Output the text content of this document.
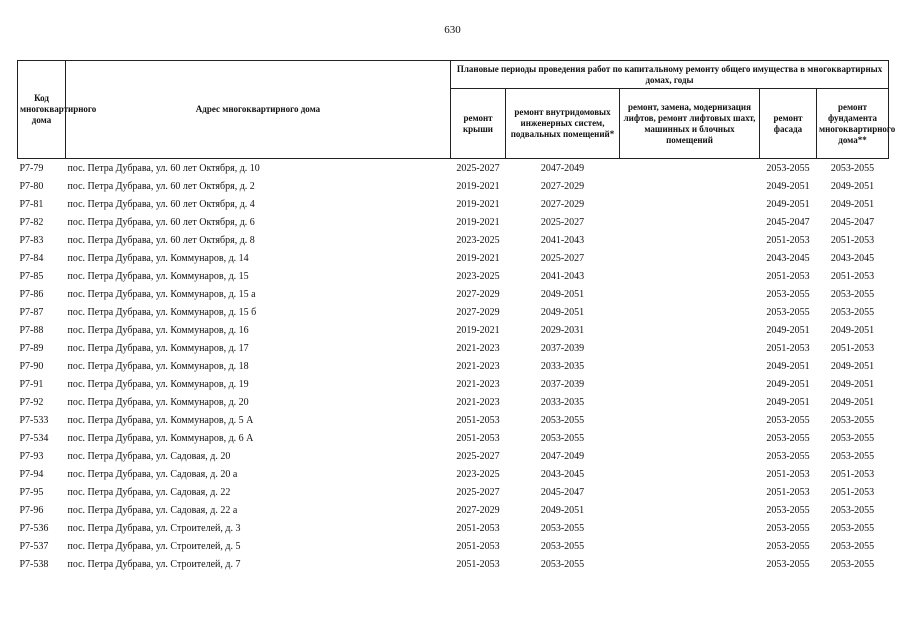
630
Код многоквартирного дома	Адрес многоквартирного дома	Плановые периоды проведения работ по капитальному ремонту общего имущества в многоквартирных домах, годы				
		ремонт крыши	ремонт внутридомовых инженерных систем, подвальных помещений*	ремонт, замена, модернизация лифтов, ремонт лифтовых шахт, машинных и блочных помещений	ремонт фасада	ремонт фундамента многоквартирного дома**
P7-79	пос. Петра Дубрава, ул. 60 лет Октября, д. 10	2025-2027	2047-2049		2053-2055	2053-2055
P7-80	пос. Петра Дубрава, ул. 60 лет Октября, д. 2	2019-2021	2027-2029		2049-2051	2049-2051
P7-81	пос. Петра Дубрава, ул. 60 лет Октября, д. 4	2019-2021	2027-2029		2049-2051	2049-2051
P7-82	пос. Петра Дубрава, ул. 60 лет Октября, д. 6	2019-2021	2025-2027		2045-2047	2045-2047
P7-83	пос. Петра Дубрава, ул. 60 лет Октября, д. 8	2023-2025	2041-2043		2051-2053	2051-2053
P7-84	пос. Петра Дубрава, ул. Коммунаров, д. 14	2019-2021	2025-2027		2043-2045	2043-2045
P7-85	пос. Петра Дубрава, ул. Коммунаров, д. 15	2023-2025	2041-2043		2051-2053	2051-2053
P7-86	пос. Петра Дубрава, ул. Коммунаров, д. 15 а	2027-2029	2049-2051		2053-2055	2053-2055
P7-87	пос. Петра Дубрава, ул. Коммунаров, д. 15 б	2027-2029	2049-2051		2053-2055	2053-2055
P7-88	пос. Петра Дубрава, ул. Коммунаров, д. 16	2019-2021	2029-2031		2049-2051	2049-2051
P7-89	пос. Петра Дубрава, ул. Коммунаров, д. 17	2021-2023	2037-2039		2051-2053	2051-2053
P7-90	пос. Петра Дубрава, ул. Коммунаров, д. 18	2021-2023	2033-2035		2049-2051	2049-2051
P7-91	пос. Петра Дубрава, ул. Коммунаров, д. 19	2021-2023	2037-2039		2049-2051	2049-2051
P7-92	пос. Петра Дубрава, ул. Коммунаров, д. 20	2021-2023	2033-2035		2049-2051	2049-2051
P7-533	пос. Петра Дубрава, ул. Коммунаров, д. 5 А	2051-2053	2053-2055		2053-2055	2053-2055
P7-534	пос. Петра Дубрава, ул. Коммунаров, д. 6 А	2051-2053	2053-2055		2053-2055	2053-2055
P7-93	пос. Петра Дубрава, ул. Садовая, д. 20	2025-2027	2047-2049		2053-2055	2053-2055
P7-94	пос. Петра Дубрава, ул. Садовая, д. 20 а	2023-2025	2043-2045		2051-2053	2051-2053
P7-95	пос. Петра Дубрава, ул. Садовая, д. 22	2025-2027	2045-2047		2051-2053	2051-2053
P7-96	пос. Петра Дубрава, ул. Садовая, д. 22 а	2027-2029	2049-2051		2053-2055	2053-2055
P7-536	пос. Петра Дубрава, ул. Строителей, д. 3	2051-2053	2053-2055		2053-2055	2053-2055
P7-537	пос. Петра Дубрава, ул. Строителей, д. 5	2051-2053	2053-2055		2053-2055	2053-2055
P7-538	пос. Петра Дубрава, ул. Строителей, д. 7	2051-2053	2053-2055		2053-2055	2053-2055
